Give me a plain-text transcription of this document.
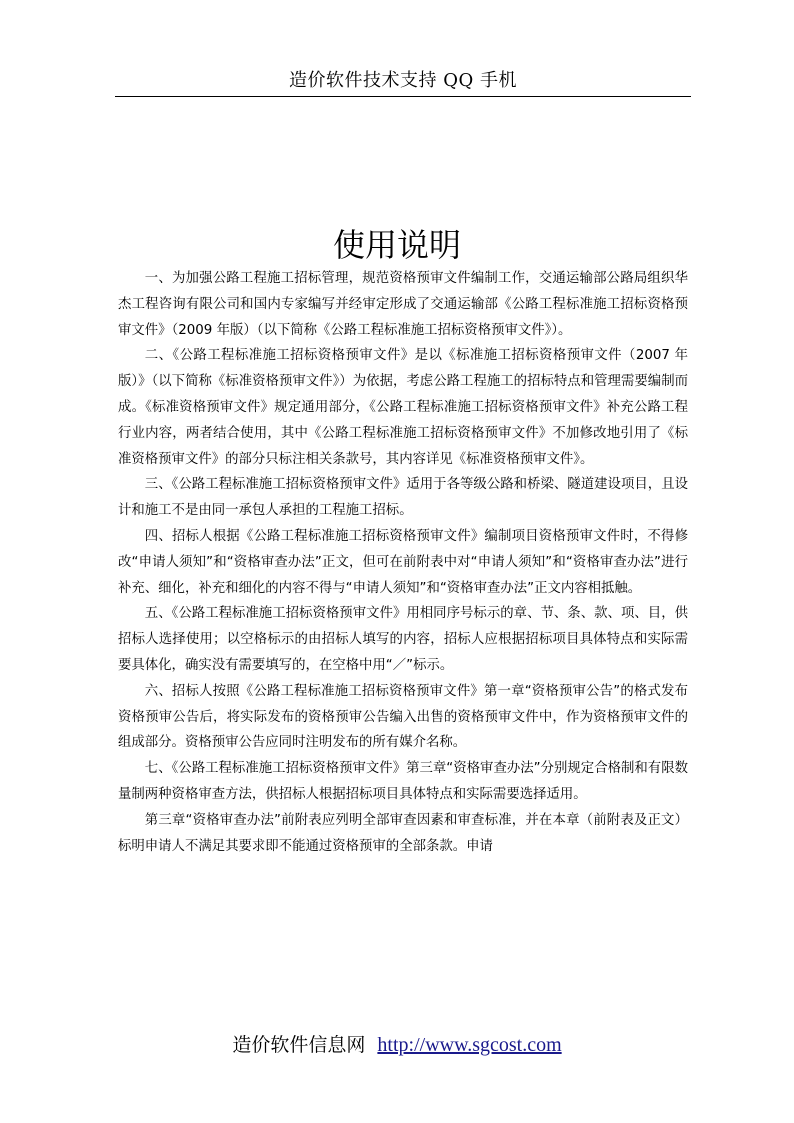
造价软件技术支持 QQ 手机
使用说明

一、为加强公路工程施工招标管理，规范资格预审文件编制工作，交通运输部公路局组织华杰工程咨询有限公司和国内专家编写并经审定形成了交通运输部《公路工程标准施工招标资格预审文件》（2009 年版）（以下简称《公路工程标准施工招标资格预审文件》）。

二、《公路工程标准施工招标资格预审文件》是以《标准施工招标资格预审文件（2007 年版）》（以下简称《标准资格预审文件》）为依据，考虑公路工程施工的招标特点和管理需要编制而成。《标准资格预审文件》规定通用部分，《公路工程标准施工招标资格预审文件》补充公路工程行业内容，两者结合使用，其中《公路工程标准施工招标资格预审文件》不加修改地引用了《标准资格预审文件》的部分只标注相关条款号，其内容详见《标准资格预审文件》。

三、《公路工程标准施工招标资格预审文件》适用于各等级公路和桥梁、隧道建设项目，且设计和施工不是由同一承包人承担的工程施工招标。

四、招标人根据《公路工程标准施工招标资格预审文件》编制项目资格预审文件时，不得修改“申请人须知”和“资格审查办法”正文，但可在前附表中对“申请人须知”和“资格审查办法”进行补充、细化，补充和细化的内容不得与“申请人须知”和“资格审查办法”正文内容相抵触。

五、《公路工程标准施工招标资格预审文件》用相同序号标示的章、节、条、款、项、目，供招标人选择使用；以空格标示的由招标人填写的内容，招标人应根据招标项目具体特点和实际需要具体化，确实没有需要填写的，在空格中用“／”标示。

六、招标人按照《公路工程标准施工招标资格预审文件》第一章“资格预审公告”的格式发布资格预审公告后，将实际发布的资格预审公告编入出售的资格预审文件中，作为资格预审文件的组成部分。资格预审公告应同时注明发布的所有媒介名称。

七、《公路工程标准施工招标资格预审文件》第三章“资格审查办法”分别规定合格制和有限数量制两种资格审查方法，供招标人根据招标项目具体特点和实际需要选择适用。

第三章“资格审查办法”前附表应列明全部审查因素和审查标准，并在本章（前附表及正文）标明申请人不满足其要求即不能通过资格预审的全部条款。申请

造价软件信息网 http://www.sgcost.com
